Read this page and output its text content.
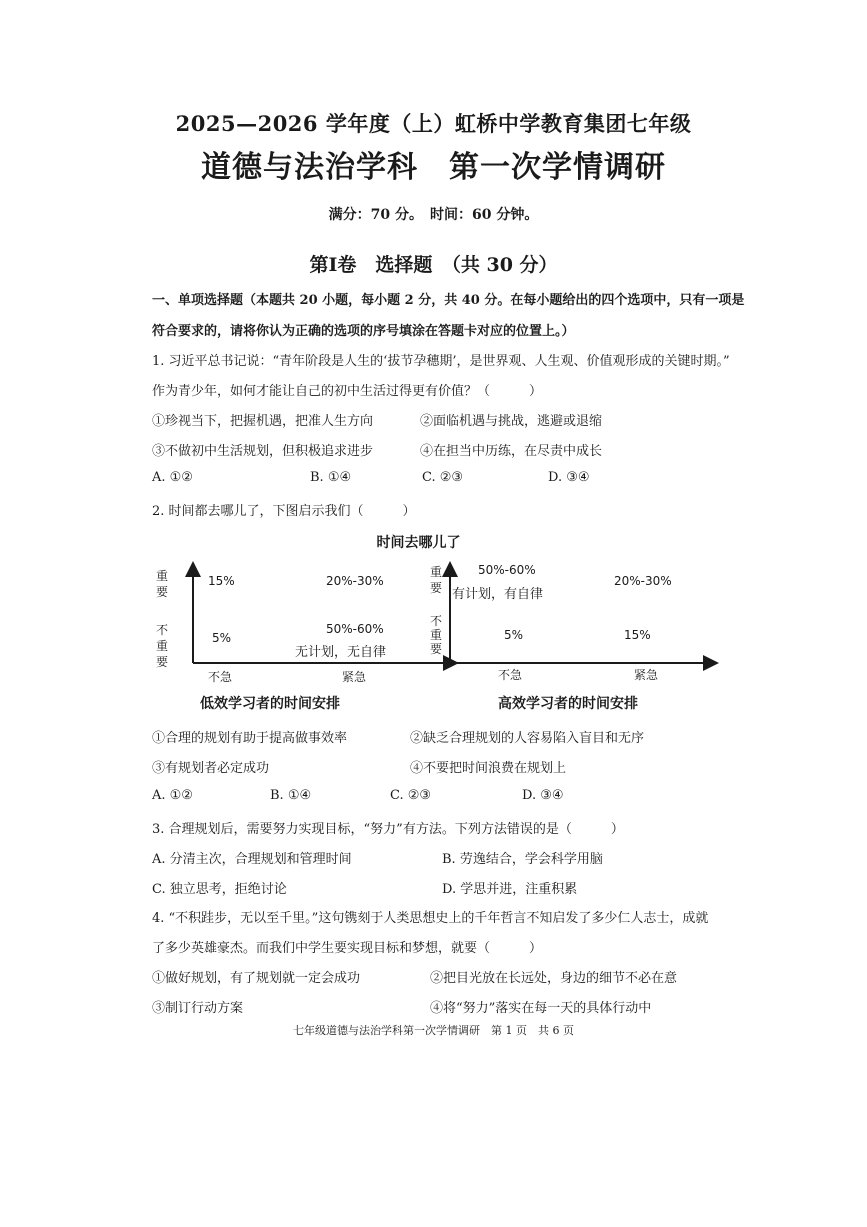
2025—2026 学年度（上）虹桥中学教育集团七年级
道德与法治学科　第一次学情调研
满分：70 分。　时间：60 分钟。
第Ⅰ卷　选择题　（共 30 分）
一、单项选择题（本题共 20 小题，每小题 2 分，共 40 分。在每小题给出的四个选项中，只有一项是
符合要求的，请将你认为正确的选项的序号填涂在答题卡对应的位置上。）
1. 习近平总书记说：“青年阶段是人生的‘拔节孕穗期’，是世界观、人生观、价值观形成的关键时期。”
作为青少年，如何才能让自己的初中生活过得更有价值？（　　　）
①珍视当下，把握机遇，把准人生方向	②面临机遇与挑战，逃避或退缩
③不做初中生活规划，但积极追求进步	④在担当中历练，在尽责中成长
A. ①②	B. ①④	C. ②③	D. ③④
2. 时间都去哪儿了，下图启示我们（　　　）
时间去哪儿了
重要
不重要
15%	20%-30%
5%
50%-60%
无计划，无自律
不急	紧急
低效学习者的时间安排
重要
不重要
50%-60%
有计划，有自律
20%-30%
5%	15%
不急	紧急
高效学习者的时间安排
①合理的规划有助于提高做事效率	②缺乏合理规划的人容易陷入盲目和无序
③有规划者必定成功	④不要把时间浪费在规划上
A. ①②	B. ①④	C. ②③	D. ③④
3. 合理规划后，需要努力实现目标，“努力”有方法。下列方法错误的是（　　　）
A. 分清主次，合理规划和管理时间	B. 劳逸结合，学会科学用脑
C. 独立思考，拒绝讨论	D. 学思并进，注重积累
4. “不积跬步，无以至千里。”这句镌刻于人类思想史上的千年哲言不知启发了多少仁人志士，成就
了多少英雄豪杰。而我们中学生要实现目标和梦想，就要（　　　）
①做好规划，有了规划就一定会成功	②把目光放在长远处，身边的细节不必在意
③制订行动方案	④将“努力”落实在每一天的具体行动中
七年级道德与法治学科第一次学情调研　第 1 页　共 6 页
